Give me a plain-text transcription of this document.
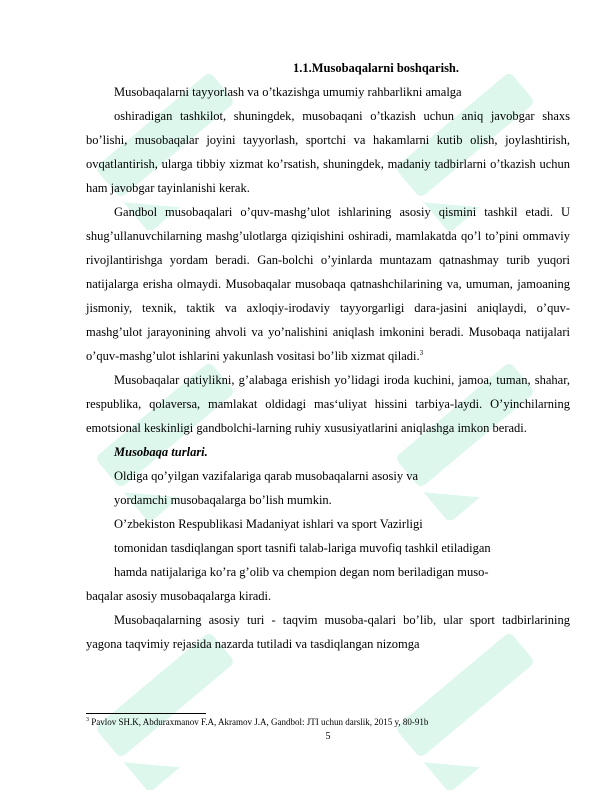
1.1.Musobaqalarni boshqarish.

Musobaqalarni tayyorlash va o’tkazishga umumiy rahbarlikni amalga

oshiradigan tashkilot, shuningdek, musobaqani o’tkazish uchun aniq javobgar shaxs bo’lishi, musobaqalar joyini tayyorlash, sportchi va hakamlarni kutib olish, joylashtirish, ovqatlantirish, ularga tibbiy xizmat ko’rsatish, shuningdek, madaniy tadbirlarni o’tkazish uchun ham javobgar tayinlanishi kerak.

Gandbol musobaqalari o’quv-mashg’ulot ishlarining asosiy qismini tashkil etadi. U shug’ullanuvchilarning mashg’ulotlarga qiziqishini oshiradi, mamlakatda qo’l to’pini ommaviy rivojlantirishga yordam beradi. Gan-bolchi o’yinlarda muntazam qatnashmay turib yuqori natijalarga erisha olmaydi. Musobaqalar musobaqa qatnashchilarining va, umuman, jamoaning jismoniy, texnik, taktik va axloqiy-irodaviy tayyorgarligi dara-jasini aniqlaydi, o’quv-mashg’ulot jarayonining ahvoli va yo’nalishini aniqlash imkonini beradi. Musobaqa natijalari o’quv-mashg’ulot ishlarini yakunlash vositasi bo’lib xizmat qiladi.$^3$

Musobaqalar qatiylikni, g’alabaga erishish yo’lidagi iroda kuchini, jamoa, tuman, shahar, respublika, qolaversa, mamlakat oldidagi mas‘uliyat hissini tarbiya-laydi. O’yinchilarning emotsional keskinligi gandbolchi-larning ruhiy xususiyatlarini aniqlashga imkon beradi.

Musobaqa turlari.

Oldiga qo’yilgan vazifalariga qarab musobaqalarni asosiy va

yordamchi musobaqalarga bo’lish mumkin.

O’zbekiston Respublikasi Madaniyat ishlari va sport Vazirligi

tomonidan tasdiqlangan sport tasnifi talab-lariga muvofiq tashkil etiladigan

hamda natijalariga ko’ra g’olib va chempion degan nom beriladigan muso-

baqalar asosiy musobaqalarga kiradi.

Musobaqalarning asosiy turi - taqvim musoba-qalari bo’lib, ular sport tadbirlarining yagona taqvimiy rejasida nazarda tutiladi va tasdiqlangan nizomga

$^3$ Pavlov SH.K, Abduraxmanov F.A, Akramov J.A, Gandbol: JTI uchun darslik, 2015 y, 80-91b
5
